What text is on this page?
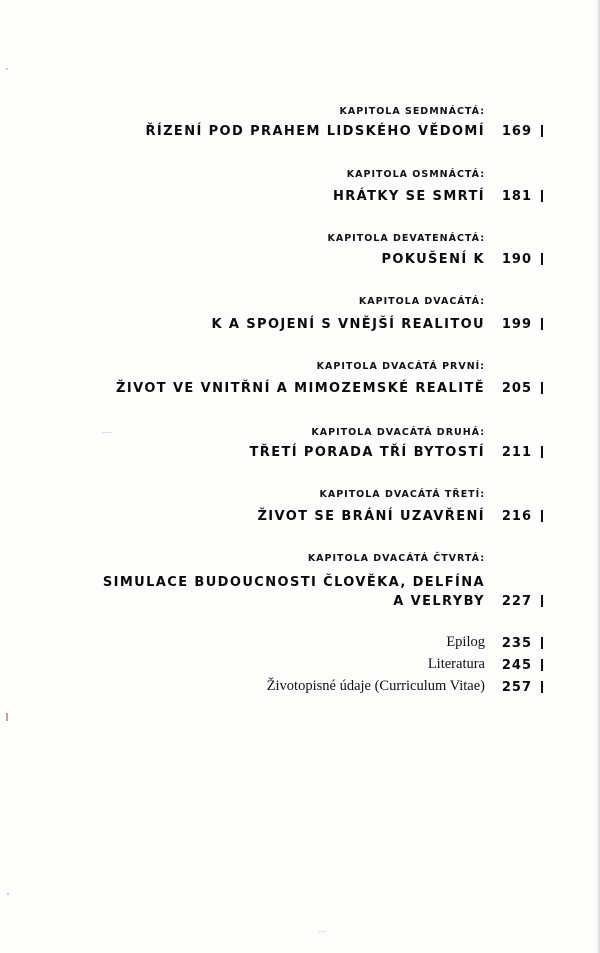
KAPITOLA SEDMNÁCTÁ:
ŘÍZENÍ POD PRAHEM LIDSKÉHO VĚDOMÍ 169
KAPITOLA OSMNÁCTÁ:
HRÁTKY SE SMRTÍ 181
KAPITOLA DEVATENÁCTÁ:
POKUŠENÍ K 190
KAPITOLA DVACÁTÁ:
K A SPOJENÍ S VNĚJŠÍ REALITOU 199
KAPITOLA DVACÁTÁ PRVNÍ:
ŽIVOT VE VNITŘNÍ A MIMOZEMSKÉ REALITĚ 205
KAPITOLA DVACÁTÁ DRUHÁ:
TŘETÍ PORADA TŘÍ BYTOSTÍ 211
KAPITOLA DVACÁTÁ TŘETÍ:
ŽIVOT SE BRÁNÍ UZAVŘENÍ 216
KAPITOLA DVACÁTÁ ČTVRTÁ:
SIMULACE BUDOUCNOSTI ČLOVĚKA, DELFÍNA
A VELRYBY 227
Epilog 235
Literatura 245
Životopisné údaje (Curriculum Vitae) 257
